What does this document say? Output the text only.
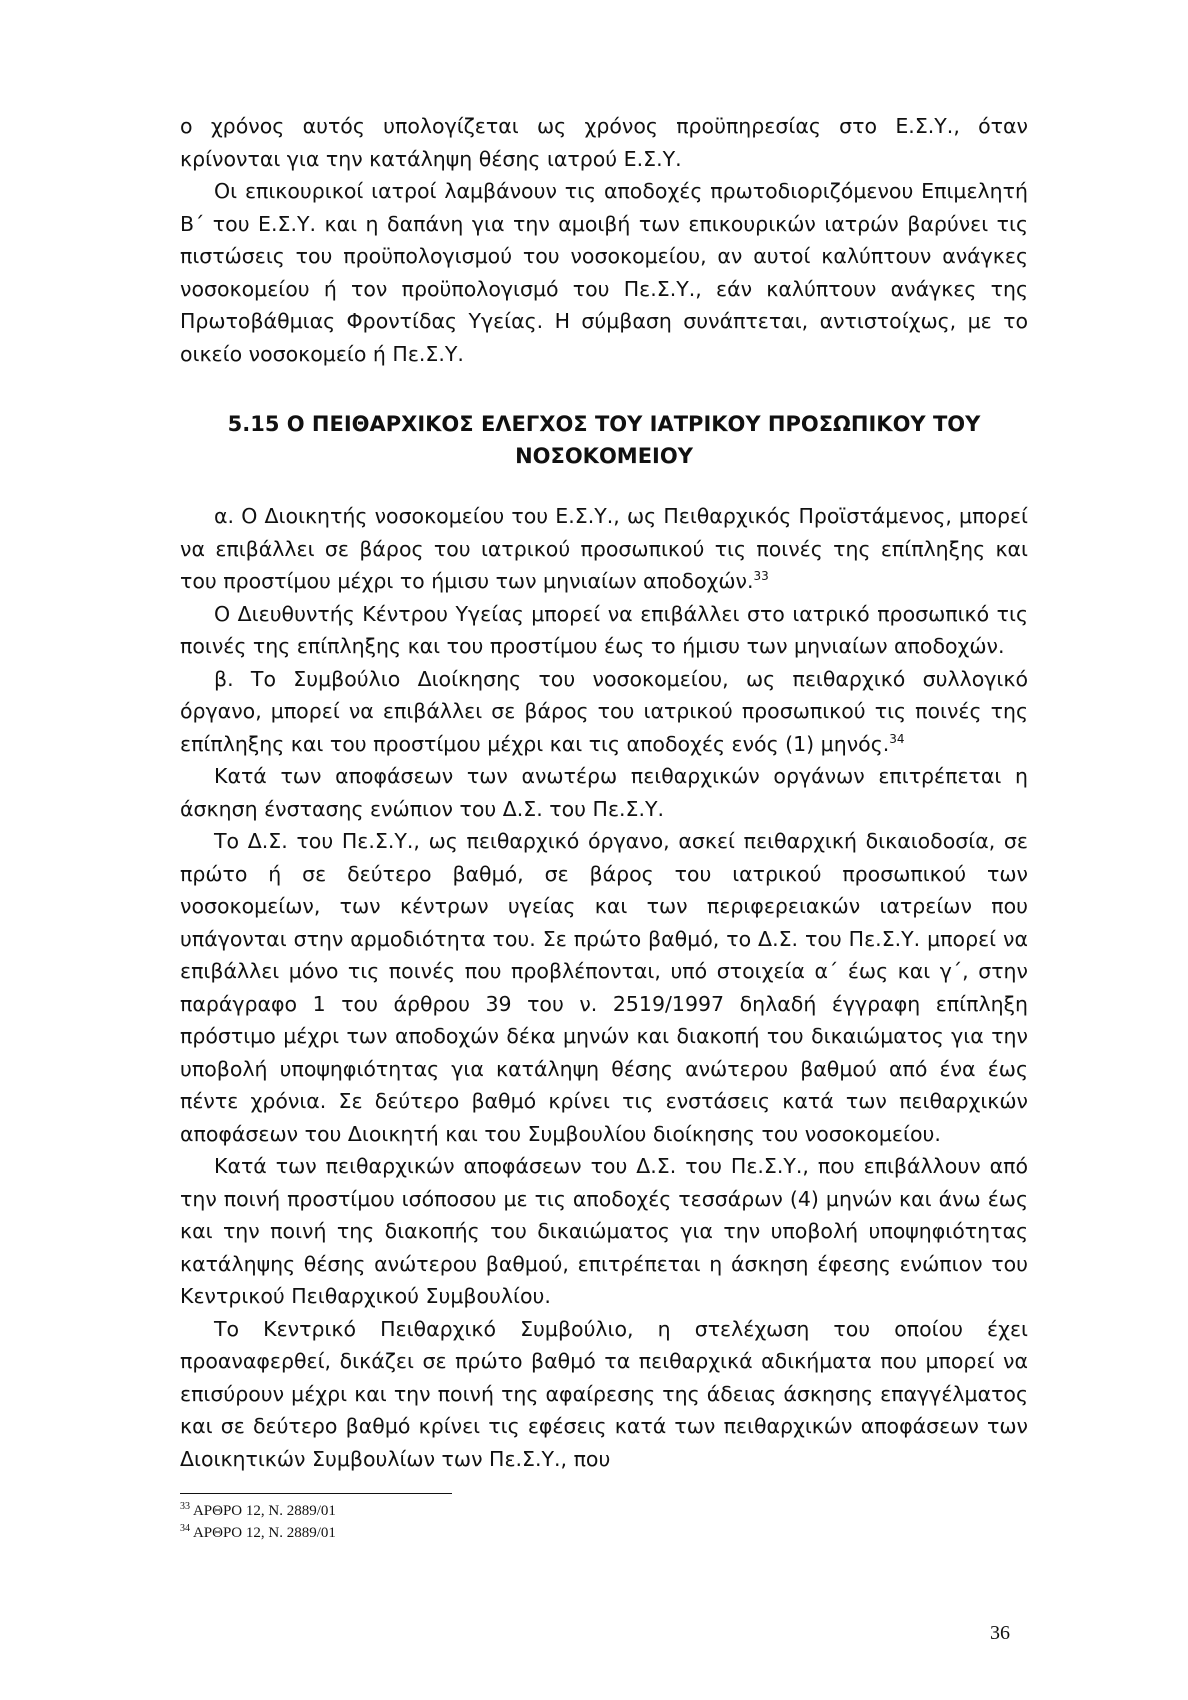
ο χρόνος αυτός υπολογίζεται ως χρόνος προϋπηρεσίας στο Ε.Σ.Υ., όταν κρίνονται για την κατάληψη θέσης ιατρού Ε.Σ.Υ.

Οι επικουρικοί ιατροί λαμβάνουν τις αποδοχές πρωτοδιοριζόμενου Επιμελητή Β΄ του Ε.Σ.Υ. και η δαπάνη για την αμοιβή των επικουρικών ιατρών βαρύνει τις πιστώσεις του προϋπολογισμού του νοσοκομείου, αν αυτοί καλύπτουν ανάγκες νοσοκομείου ή τον προϋπολογισμό του Πε.Σ.Υ., εάν καλύπτουν ανάγκες της Πρωτοβάθμιας Φροντίδας Υγείας. Η σύμβαση συνάπτεται, αντιστοίχως, με το οικείο νοσοκομείο ή Πε.Σ.Υ.

5.15 Ο ΠΕΙΘΑΡΧΙΚΟΣ ΕΛΕΓΧΟΣ ΤΟΥ ΙΑΤΡΙΚΟΥ ΠΡΟΣΩΠΙΚΟΥ ΤΟΥ ΝΟΣΟΚΟΜΕΙΟΥ

α. Ο Διοικητής νοσοκομείου του Ε.Σ.Υ., ως Πειθαρχικός Προϊστάμενος, μπορεί να επιβάλλει σε βάρος του ιατρικού προσωπικού τις ποινές της επίπληξης και του προστίμου μέχρι το ήμισυ των μηνιαίων αποδοχών.$^{33}$

Ο Διευθυντής Κέντρου Υγείας μπορεί να επιβάλλει στο ιατρικό προσωπικό τις ποινές της επίπληξης και του προστίμου έως το ήμισυ των μηνιαίων αποδοχών.

β. Το Συμβούλιο Διοίκησης του νοσοκομείου, ως πειθαρχικό συλλογικό όργανο, μπορεί να επιβάλλει σε βάρος του ιατρικού προσωπικού τις ποινές της επίπληξης και του προστίμου μέχρι και τις αποδοχές ενός (1) μηνός.$^{34}$

Κατά των αποφάσεων των ανωτέρω πειθαρχικών οργάνων επιτρέπεται η άσκηση ένστασης ενώπιον του Δ.Σ. του Πε.Σ.Υ.

Το Δ.Σ. του Πε.Σ.Υ., ως πειθαρχικό όργανο, ασκεί πειθαρχική δικαιοδοσία, σε πρώτο ή σε δεύτερο βαθμό, σε βάρος του ιατρικού προσωπικού των νοσοκομείων, των κέντρων υγείας και των περιφερειακών ιατρείων που υπάγονται στην αρμοδιότητα του. Σε πρώτο βαθμό, το Δ.Σ. του Πε.Σ.Υ. μπορεί να επιβάλλει μόνο τις ποινές που προβλέπονται, υπό στοιχεία α΄ έως και γ΄, στην παράγραφο 1 του άρθρου 39 του ν. 2519/1997 δηλαδή έγγραφη επίπληξη πρόστιμο μέχρι των αποδοχών δέκα μηνών και διακοπή του δικαιώματος για την υποβολή υποψηφιότητας για κατάληψη θέσης ανώτερου βαθμού από ένα έως πέντε χρόνια. Σε δεύτερο βαθμό κρίνει τις ενστάσεις κατά των πειθαρχικών αποφάσεων του Διοικητή και του Συμβουλίου διοίκησης του νοσοκομείου.

Κατά των πειθαρχικών αποφάσεων του Δ.Σ. του Πε.Σ.Υ., που επιβάλλουν από την ποινή προστίμου ισόποσου με τις αποδοχές τεσσάρων (4) μηνών και άνω έως και την ποινή της διακοπής του δικαιώματος για την υποβολή υποψηφιότητας κατάληψης θέσης ανώτερου βαθμού, επιτρέπεται η άσκηση έφεσης ενώπιον του Κεντρικού Πειθαρχικού Συμβουλίου.

Το Κεντρικό Πειθαρχικό Συμβούλιο, η στελέχωση του οποίου έχει προαναφερθεί, δικάζει σε πρώτο βαθμό τα πειθαρχικά αδικήματα που μπορεί να επισύρουν μέχρι και την ποινή της αφαίρεσης της άδειας άσκησης επαγγέλματος και σε δεύτερο βαθμό κρίνει τις εφέσεις κατά των πειθαρχικών αποφάσεων των Διοικητικών Συμβουλίων των Πε.Σ.Υ., που

$^{33}$ ΑΡΘΡΟ 12, Ν. 2889/01
$^{34}$ ΑΡΘΡΟ 12, Ν. 2889/01
36
